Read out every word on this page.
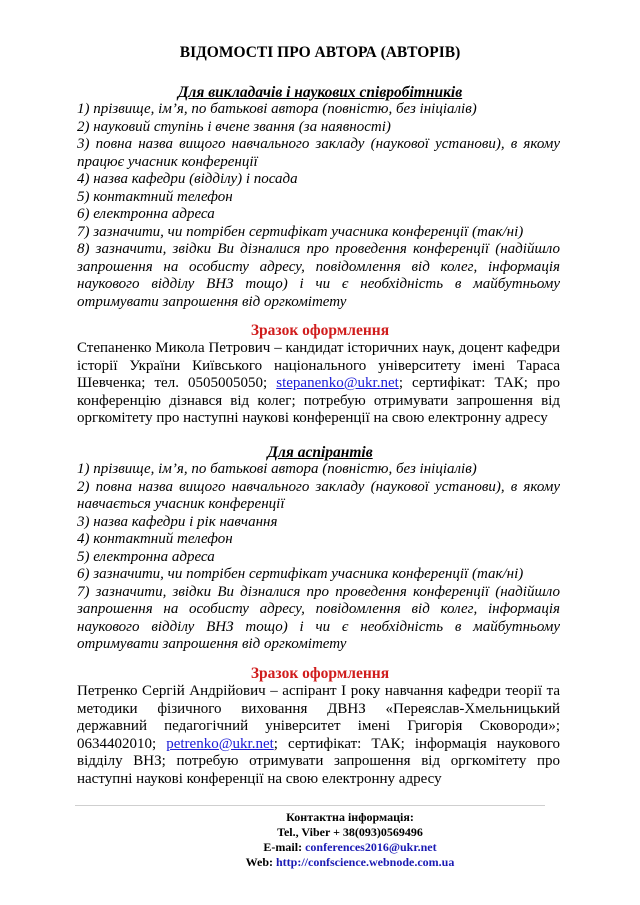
ВІДОМОСТІ ПРО АВТОРА (АВТОРІВ)
Для викладачів і наукових співробітників
1) прізвище, ім’я, по батькові автора (повністю, без ініціалів)
2) науковий ступінь і вчене звання (за наявності)
3) повна назва вищого навчального закладу (наукової установи), в якому працює учасник конференції
4) назва кафедри (відділу) і посада
5) контактний телефон
6) електронна адреса
7) зазначити, чи потрібен сертифікат учасника конференції (так/ні)
8) зазначити, звідки Ви дізналися про проведення конференції (надійшло запрошення на особисту адресу, повідомлення від колег, інформація наукового відділу ВНЗ тощо) і чи є необхідність в майбутньому отримувати запрошення від оргкомітету
Зразок оформлення

Степаненко Микола Петрович – кандидат історичних наук, доцент кафедри історії України Київського національного університету імені Тараса Шевченка; тел. 0505005050; stepanenko@ukr.net; сертифікат: ТАК; про конференцію дізнався від колег; потребую отримувати запрошення від оргкомітету про наступні наукові конференції на свою електронну адресу

Для аспірантів
1) прізвище, ім’я, по батькові автора (повністю, без ініціалів)
2) повна назва вищого навчального закладу (наукової установи), в якому навчається учасник конференції
3) назва кафедри і рік навчання
4) контактний телефон
5) електронна адреса
6) зазначити, чи потрібен сертифікат учасника конференції (так/ні)
7) зазначити, звідки Ви дізналися про проведення конференції (надійшло запрошення на особисту адресу, повідомлення від колег, інформація наукового відділу ВНЗ тощо) і чи є необхідність в майбутньому отримувати запрошення від оргкомітету
Зразок оформлення

Петренко Сергій Андрійович – аспірант І року навчання кафедри теорії та методики фізичного виховання ДВНЗ «Переяслав-Хмельницький державний педагогічний університет імені Григорія Сковороди»; 0634402010; petrenko@ukr.net; сертифікат: ТАК; інформація наукового відділу ВНЗ; потребую отримувати запрошення від оргкомітету про наступні наукові конференції на свою електронну адресу

Контактна інформація:
Tel., Viber + 38(093)0569496
E-mail: conferences2016@ukr.net
Web: http://confscience.webnode.com.ua
